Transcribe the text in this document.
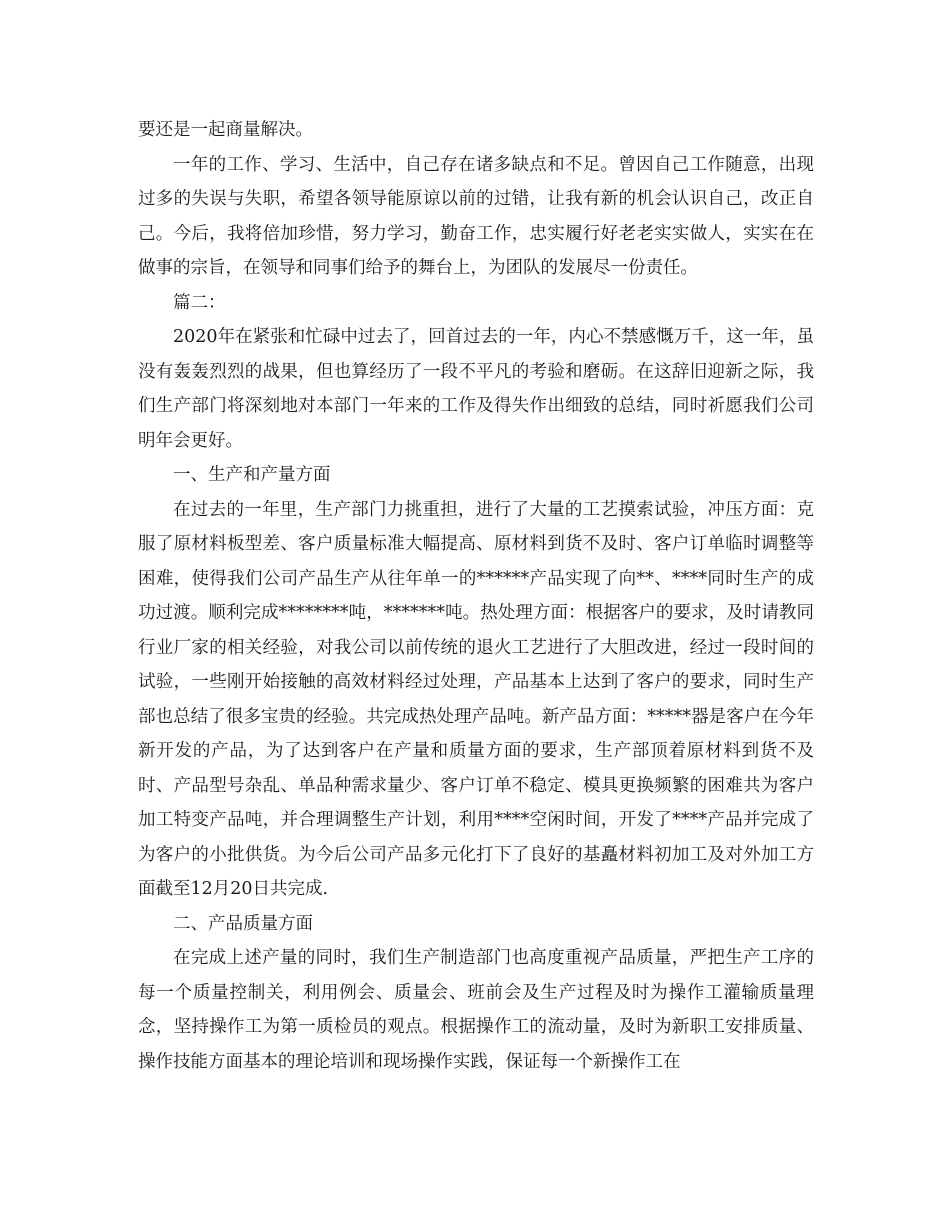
要还是一起商量解决。

一年的工作、学习、生活中，自己存在诸多缺点和不足。曾因自己工作随意，出现过多的失误与失职，希望各领导能原谅以前的过错，让我有新的机会认识自己，改正自己。今后，我将倍加珍惜，努力学习，勤奋工作，忠实履行好老老实实做人，实实在在做事的宗旨，在领导和同事们给予的舞台上，为团队的发展尽一份责任。

篇二：

2020年在紧张和忙碌中过去了，回首过去的一年，内心不禁感慨万千，这一年，虽没有轰轰烈烈的战果，但也算经历了一段不平凡的考验和磨砺。在这辞旧迎新之际，我们生产部门将深刻地对本部门一年来的工作及得失作出细致的总结，同时祈愿我们公司明年会更好。

一、生产和产量方面

在过去的一年里，生产部门力挑重担，进行了大量的工艺摸索试验，冲压方面：克服了原材料板型差、客户质量标准大幅提高、原材料到货不及时、客户订单临时调整等困难，使得我们公司产品生产从往年单一的******产品实现了向**、****同时生产的成功过渡。顺利完成********吨，*******吨。热处理方面：根据客户的要求，及时请教同行业厂家的相关经验，对我公司以前传统的退火工艺进行了大胆改进，经过一段时间的试验，一些刚开始接触的高效材料经过处理，产品基本上达到了客户的要求，同时生产部也总结了很多宝贵的经验。共完成热处理产品吨。新产品方面：*****器是客户在今年新开发的产品，为了达到客户在产量和质量方面的要求，生产部顶着原材料到货不及时、产品型号杂乱、单品种需求量少、客户订单不稳定、模具更换频繁的困难共为客户加工特变产品吨，并合理调整生产计划，利用****空闲时间，开发了****产品并完成了为客户的小批供货。为今后公司产品多元化打下了良好的基矗材料初加工及对外加工方面截至12月20日共完成.

二、产品质量方面

在完成上述产量的同时，我们生产制造部门也高度重视产品质量，严把生产工序的每一个质量控制关，利用例会、质量会、班前会及生产过程及时为操作工灌输质量理念，坚持操作工为第一质检员的观点。根据操作工的流动量，及时为新职工安排质量、操作技能方面基本的理论培训和现场操作实践，保证每一个新操作工在
